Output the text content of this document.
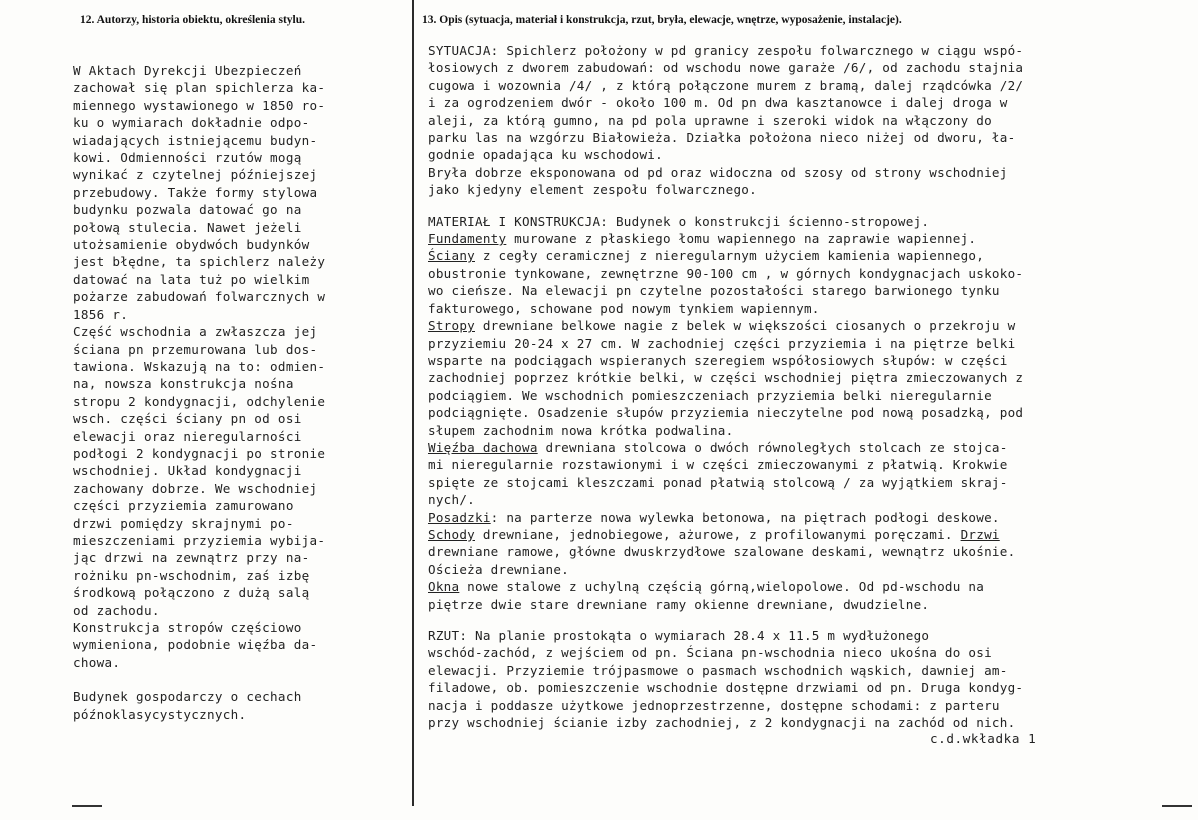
12. Autorzy, historia obiektu, określenia stylu.	13. Opis (sytuacja, materiał i konstrukcja, rzut, bryła, elewacje, wnętrze, wyposażenie, instalacje).

W Aktach Dyrekcji Ubezpieczeń
zachował się plan spichlerza ka-
miennego wystawionego w 1850 ro-
ku o wymiarach dokładnie odpo-
wiadających istniejącemu budyn-
kowi. Odmienności rzutów mogą
wynikać z czytelnej późniejszej
przebudowy. Także formy stylowa
budynku pozwala datować go na
połową stulecia. Nawet jeżeli
utożsamienie obydwóch budynków
jest błędne, ta spichlerz należy
datować na lata tuż po wielkim
pożarze zabudowań folwarcznych w
1856 r.

Część wschodnia a zwłaszcza jej
ściana pn przemurowana lub dos-
tawiona. Wskazują na to: odmien-
na, nowsza konstrukcja nośna
stropu 2 kondygnacji, odchylenie
wsch. części ściany pn od osi
elewacji oraz nieregularności
podłogi 2 kondygnacji po stronie
wschodniej. Układ kondygnacji
zachowany dobrze. We wschodniej
części przyziemia zamurowano
drzwi pomiędzy skrajnymi po-
mieszczeniami przyziemia wybija-
jąc drzwi na zewnątrz przy na-
rożniku pn-wschodnim, zaś izbę
środkową połączono z dużą salą
od zachodu.

Konstrukcja stropów częściowo
wymieniona, podobnie więźba da-
chowa.

Budynek gospodarczy o cechach
późnoklasycystycznych.

SYTUACJA: Spichlerz położony w pd granicy zespołu folwarcznego w ciągu wspó-
łosiowych z dworem zabudowań: od wschodu nowe garaże /6/, od zachodu stajnia
cugowa i wozownia /4/ , z którą połączone murem z bramą, dalej rządcówka /2/
i za ogrodzeniem dwór - około 100 m. Od pn dwa kasztanowce i dalej droga w
aleji, za którą gumno, na pd pola uprawne i szeroki widok na włączony do
parku las na wzgórzu Białowieża. Działka położona nieco niżej od dworu, ła-
godnie opadająca ku wschodowi.

Bryła dobrze eksponowana od pd oraz widoczna od szosy od strony wschodniej
jako kjedyny element zespołu folwarcznego.

MATERIAŁ I KONSTRUKCJA: Budynek o konstrukcji ścienno-stropowej.

Fundamenty murowane z płaskiego łomu wapiennego na zaprawie wapiennej.

Ściany z cegły ceramicznej z nieregularnym użyciem kamienia wapiennego,
obustronie tynkowane, zewnętrzne 90-100 cm , w górnych kondygnacjach uskoko-
wo cieńsze. Na elewacji pn czytelne pozostałości starego barwionego tynku
fakturowego, schowane pod nowym tynkiem wapiennym.

Stropy drewniane belkowe nagie z belek w większości ciosanych o przekroju w
przyziemiu 20-24 x 27 cm. W zachodniej części przyziemia i na piętrze belki
wsparte na podciągach wspieranych szeregiem współosiowych słupów: w części
zachodniej poprzez krótkie belki, w części wschodniej piętra zmieczowanych z
podciągiem. We wschodnich pomieszczeniach przyziemia belki nieregularnie
podciągnięte. Osadzenie słupów przyziemia nieczytelne pod nową posadzką, pod
słupem zachodnim nowa krótka podwalina.

Więźba dachowa drewniana stolcowa o dwóch równoległych stolcach ze stojca-
mi nieregularnie rozstawionymi i w części zmieczowanymi z płatwią. Krokwie
spięte ze stojcami kleszczami ponad płatwią stolcową / za wyjątkiem skraj-
nych/.

Posadzki: na parterze nowa wylewka betonowa, na piętrach podłogi deskowe.

Schody drewniane, jednobiegowe, ażurowe, z profilowanymi poręczami. Drzwi
drewniane ramowe, główne dwuskrzydłowe szalowane deskami, wewnątrz ukośnie.
Ościeża drewniane.

Okna nowe stalowe z uchylną częścią górną,wielopolowe. Od pd-wschodu na
piętrze dwie stare drewniane ramy okienne drewniane, dwudzielne.

RZUT: Na planie prostokąta o wymiarach 28.4 x 11.5 m wydłużonego
wschód-zachód, z wejściem od pn. Ściana pn-wschodnia nieco ukośna do osi
elewacji. Przyziemie trójpasmowe o pasmach wschodnich wąskich, dawniej am-
filadowe, ob. pomieszczenie wschodnie dostępne drzwiami od pn. Druga kondyg-
nacja i poddasze użytkowe jednoprzestrzenne, dostępne schodami: z parteru
przy wschodniej ścianie izby zachodniej, z 2 kondygnacji na zachód od nich.

c.d.wkładka 1
